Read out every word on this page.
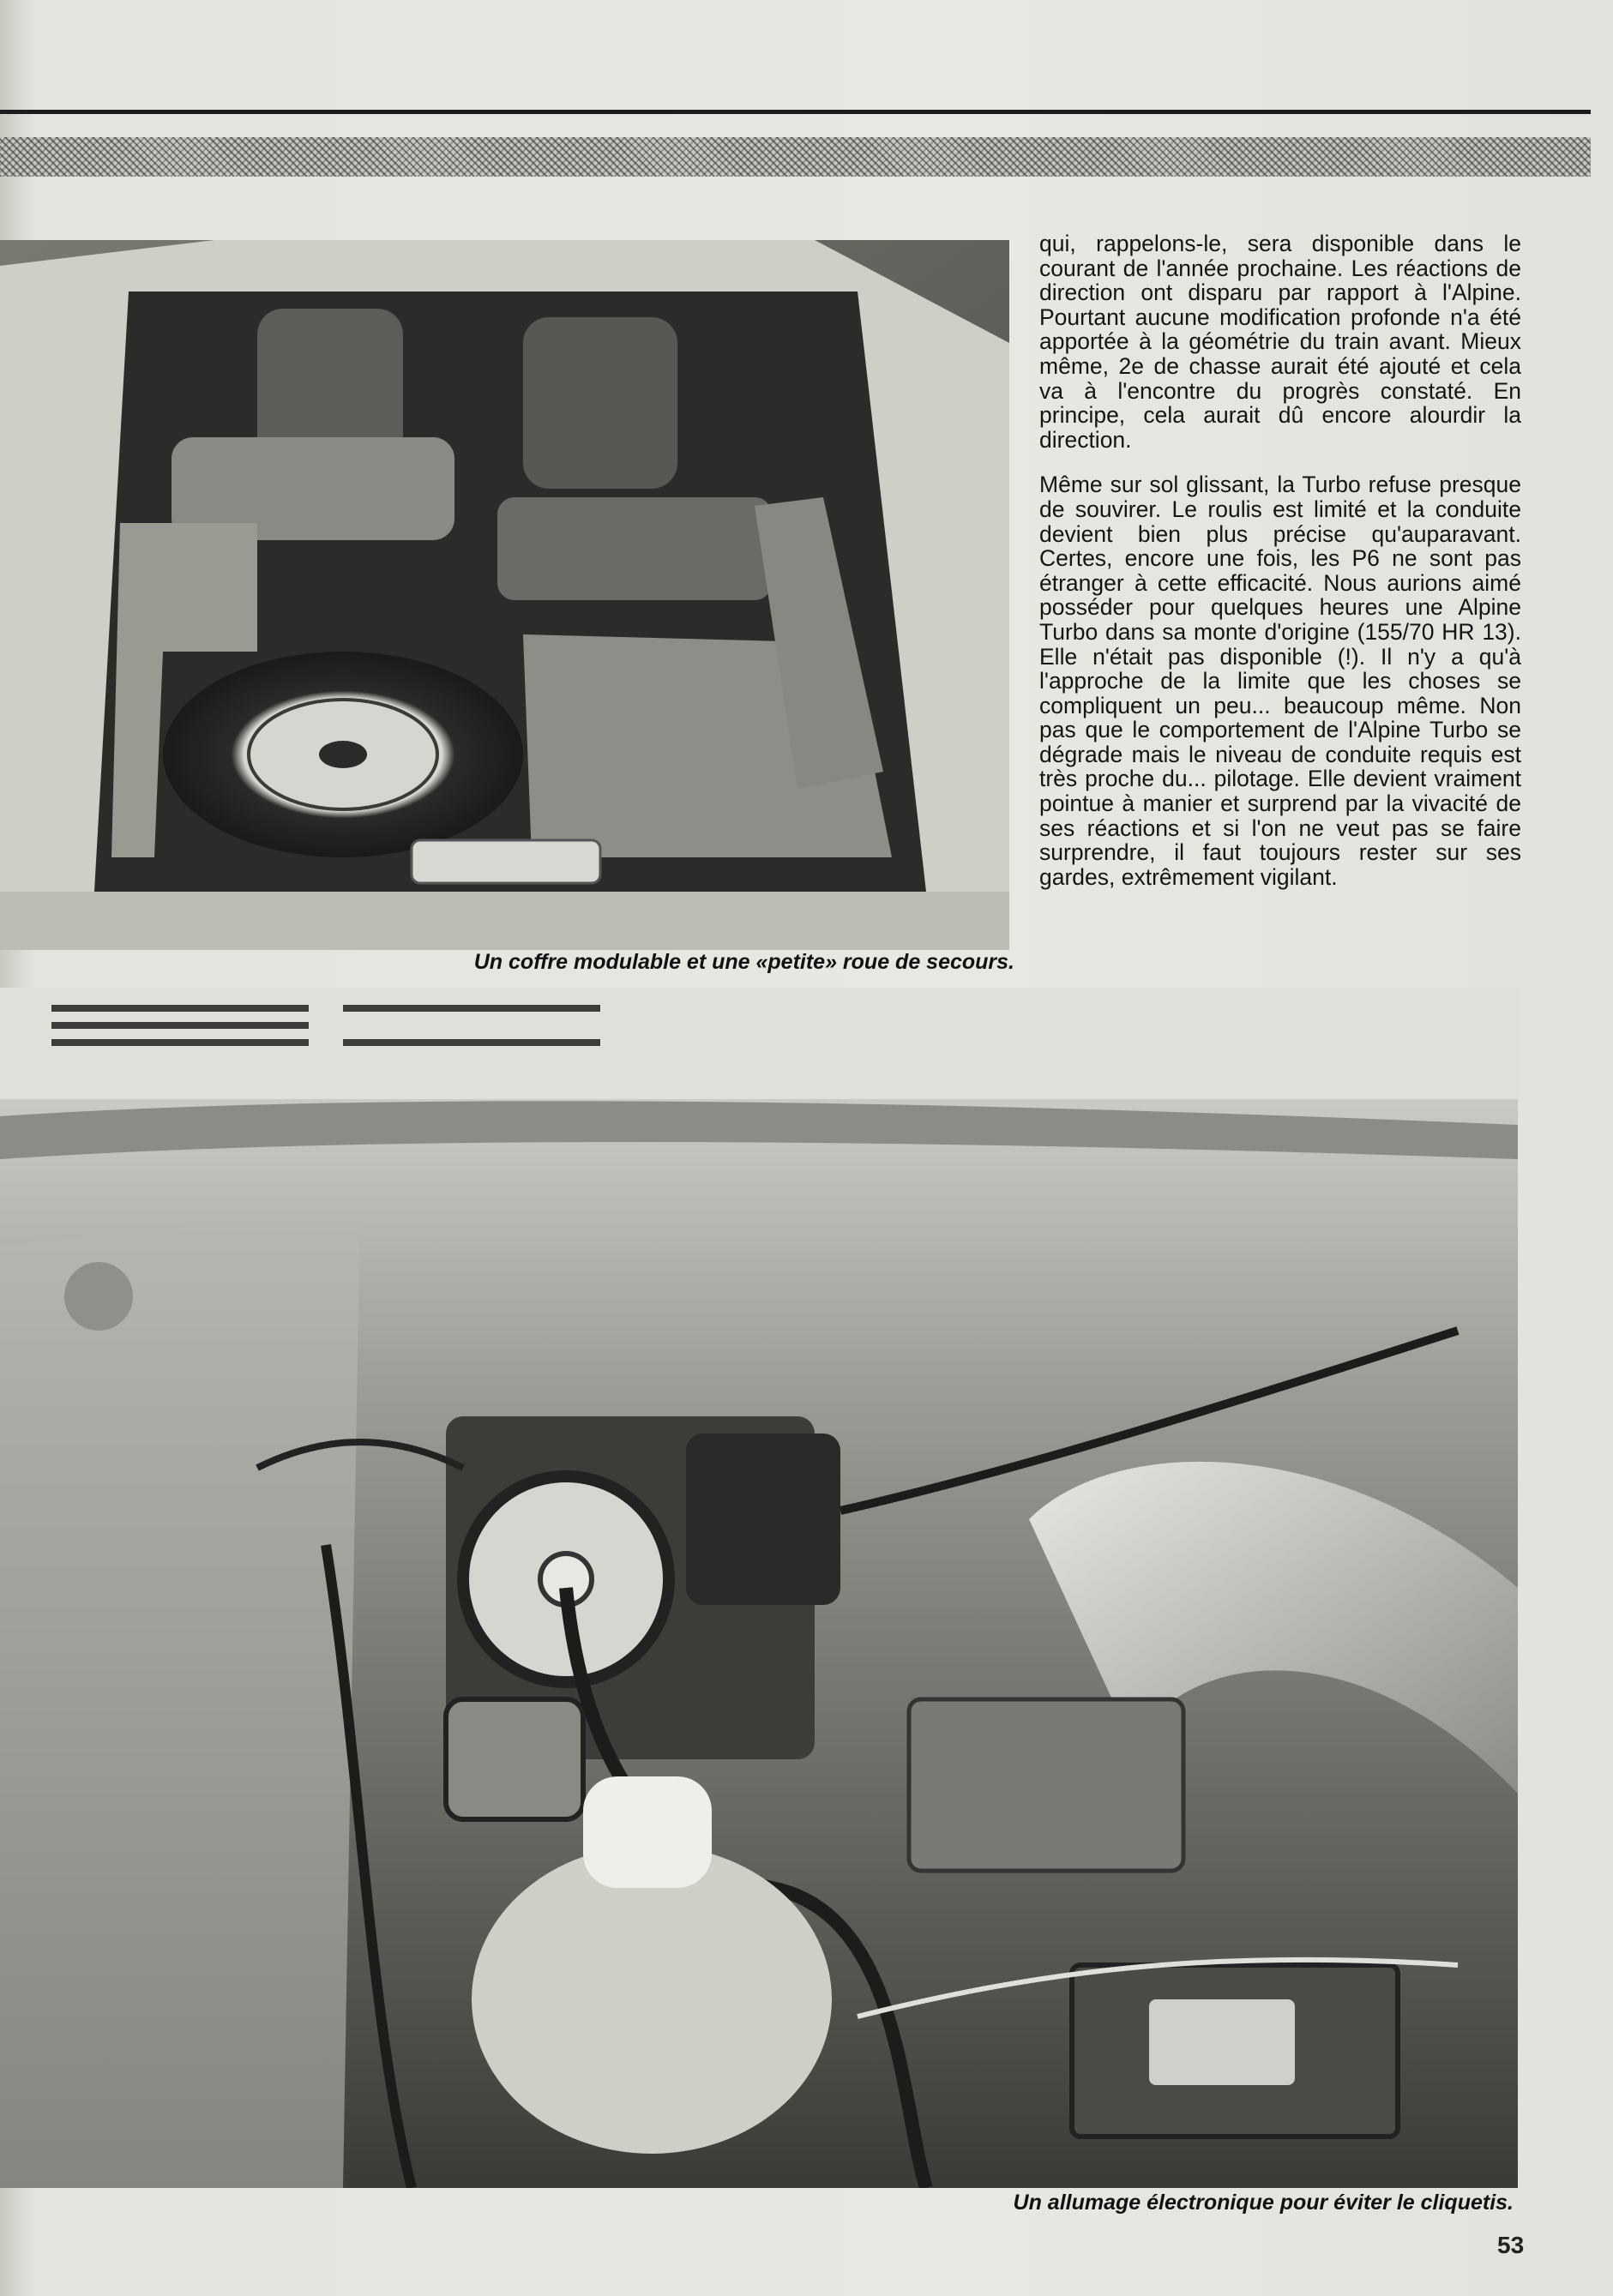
Un coffre modulable et une «petite» roue de secours.

qui, rappelons-le, sera disponible dans le courant de l'année prochaine. Les réactions de direction ont disparu par rapport à l'Alpine. Pourtant aucune modification profonde n'a été apportée à la géométrie du train avant. Mieux même, 2e de chasse aurait été ajouté et cela va à l'encontre du progrès constaté. En principe, cela aurait dû encore alourdir la direction.

Même sur sol glissant, la Turbo refuse presque de souvirer. Le roulis est limité et la conduite devient bien plus précise qu'auparavant. Certes, encore une fois, les P6 ne sont pas étranger à cette efficacité. Nous aurions aimé posséder pour quelques heures une Alpine Turbo dans sa monte d'origine (155/70 HR 13). Elle n'était pas disponible (!). Il n'y a qu'à l'approche de la limite que les choses se compliquent un peu... beaucoup même. Non pas que le comportement de l'Alpine Turbo se dégrade mais le niveau de conduite requis est très proche du... pilotage. Elle devient vraiment pointue à manier et surprend par la vivacité de ses réactions et si l'on ne veut pas se faire surprendre, il faut toujours rester sur ses gardes, extrêmement vigilant.

Un allumage électronique pour éviter le cliquetis.
53
